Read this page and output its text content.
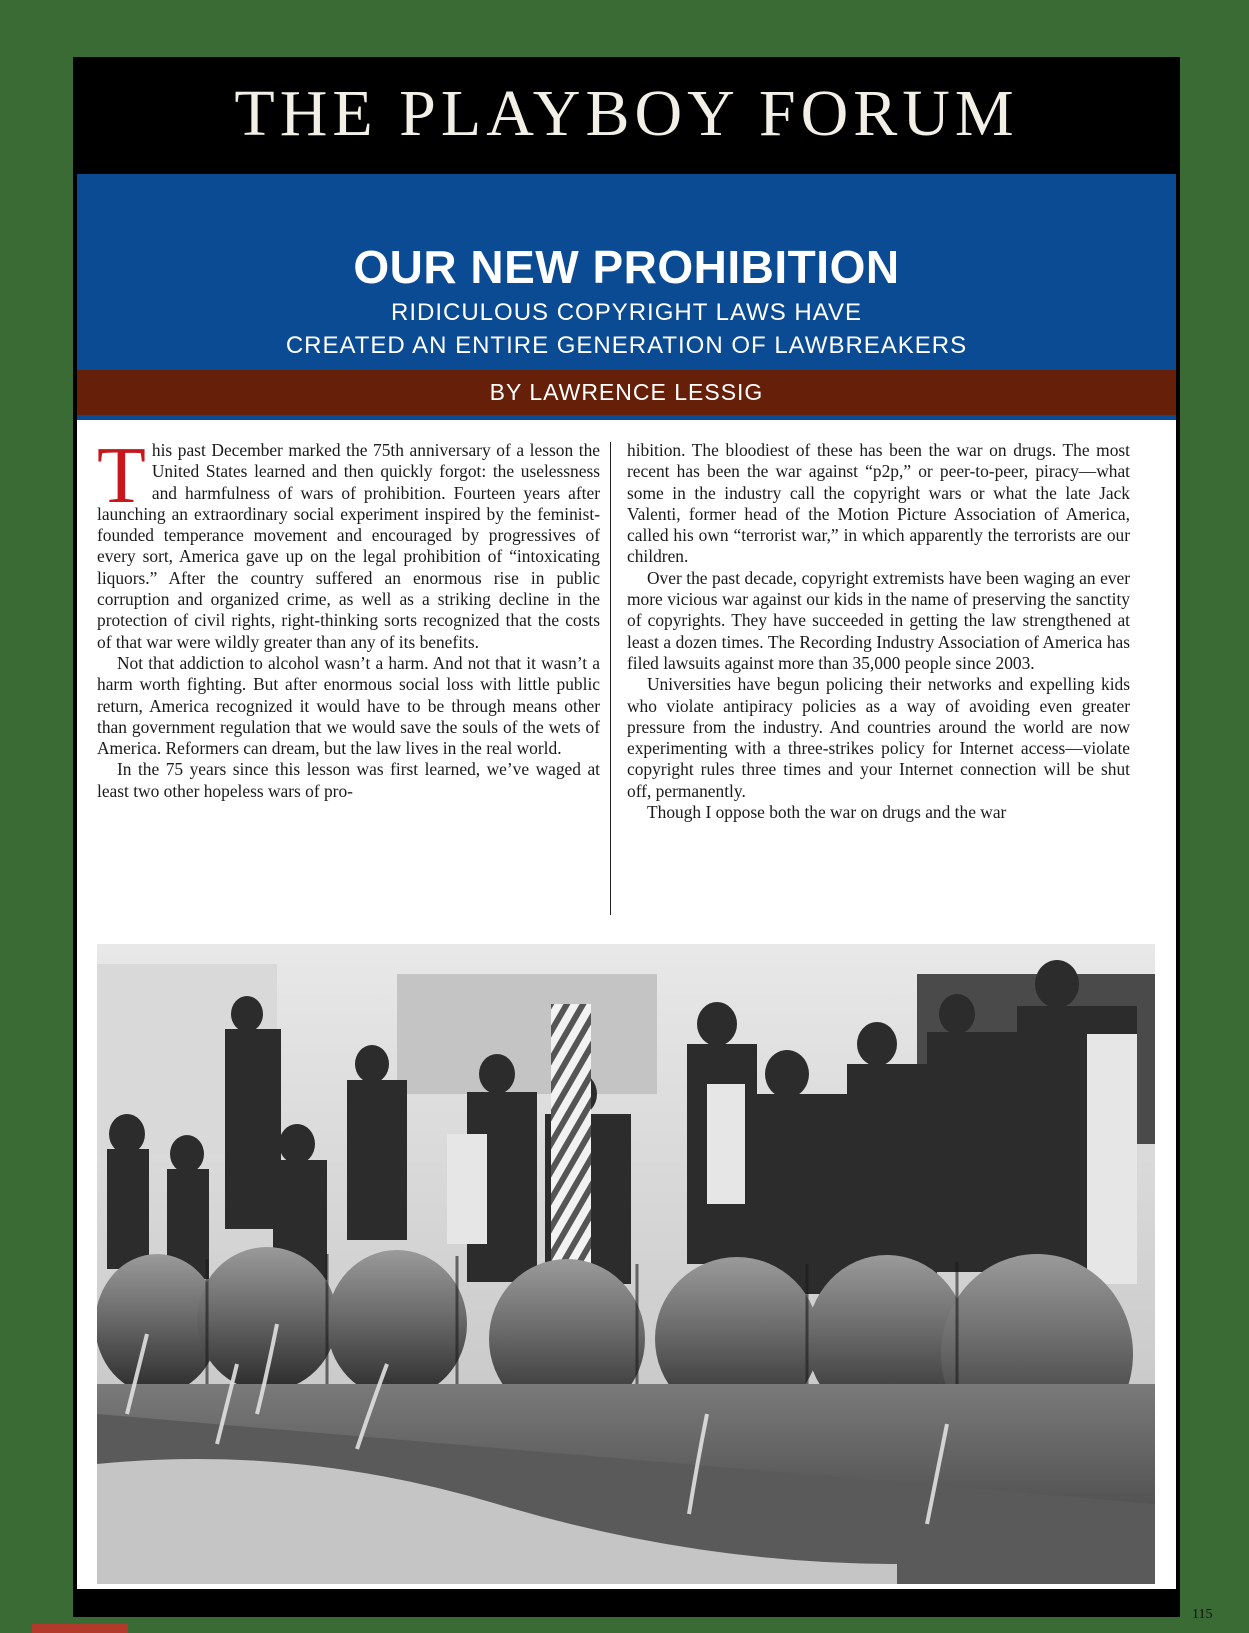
THE PLAYBOY FORUM
OUR NEW PROHIBITION
RIDICULOUS COPYRIGHT LAWS HAVE
CREATED AN ENTIRE GENERATION OF LAWBREAKERS
BY LAWRENCE LESSIG

This past December marked the 75th anniversary of a lesson the United States learned and then quickly forgot: the uselessness and harmfulness of wars of prohibition. Fourteen years after launching an extraordinary social experiment inspired by the feminist-founded temperance movement and encouraged by progressives of every sort, America gave up on the legal prohibition of “intoxicating liquors.” After the country suffered an enormous rise in public corruption and organized crime, as well as a striking decline in the protection of civil rights, right-thinking sorts recognized that the costs of that war were wildly greater than any of its benefits.

Not that addiction to alcohol wasn’t a harm. And not that it wasn’t a harm worth fighting. But after enormous social loss with little public return, America recognized it would have to be through means other than government regulation that we would save the souls of the wets of America. Reformers can dream, but the law lives in the real world.

In the 75 years since this lesson was first learned, we’ve waged at least two other hopeless wars of pro-

hibition. The bloodiest of these has been the war on drugs. The most recent has been the war against “p2p,” or peer-to-peer, piracy—what some in the industry call the copyright wars or what the late Jack Valenti, former head of the Motion Picture Association of America, called his own “terrorist war,” in which apparently the terrorists are our children.

Over the past decade, copyright extremists have been waging an ever more vicious war against our kids in the name of preserving the sanctity of copyrights. They have succeeded in getting the law strengthened at least a dozen times. The Recording Industry Association of America has filed lawsuits against more than 35,000 people since 2003.

Universities have begun policing their networks and expelling kids who violate antipiracy policies as a way of avoiding even greater pressure from the industry. And countries around the world are now experimenting with a three-strikes policy for Internet access—violate copyright rules three times and your Internet connection will be shut off, permanently.

Though I oppose both the war on drugs and the war

115
